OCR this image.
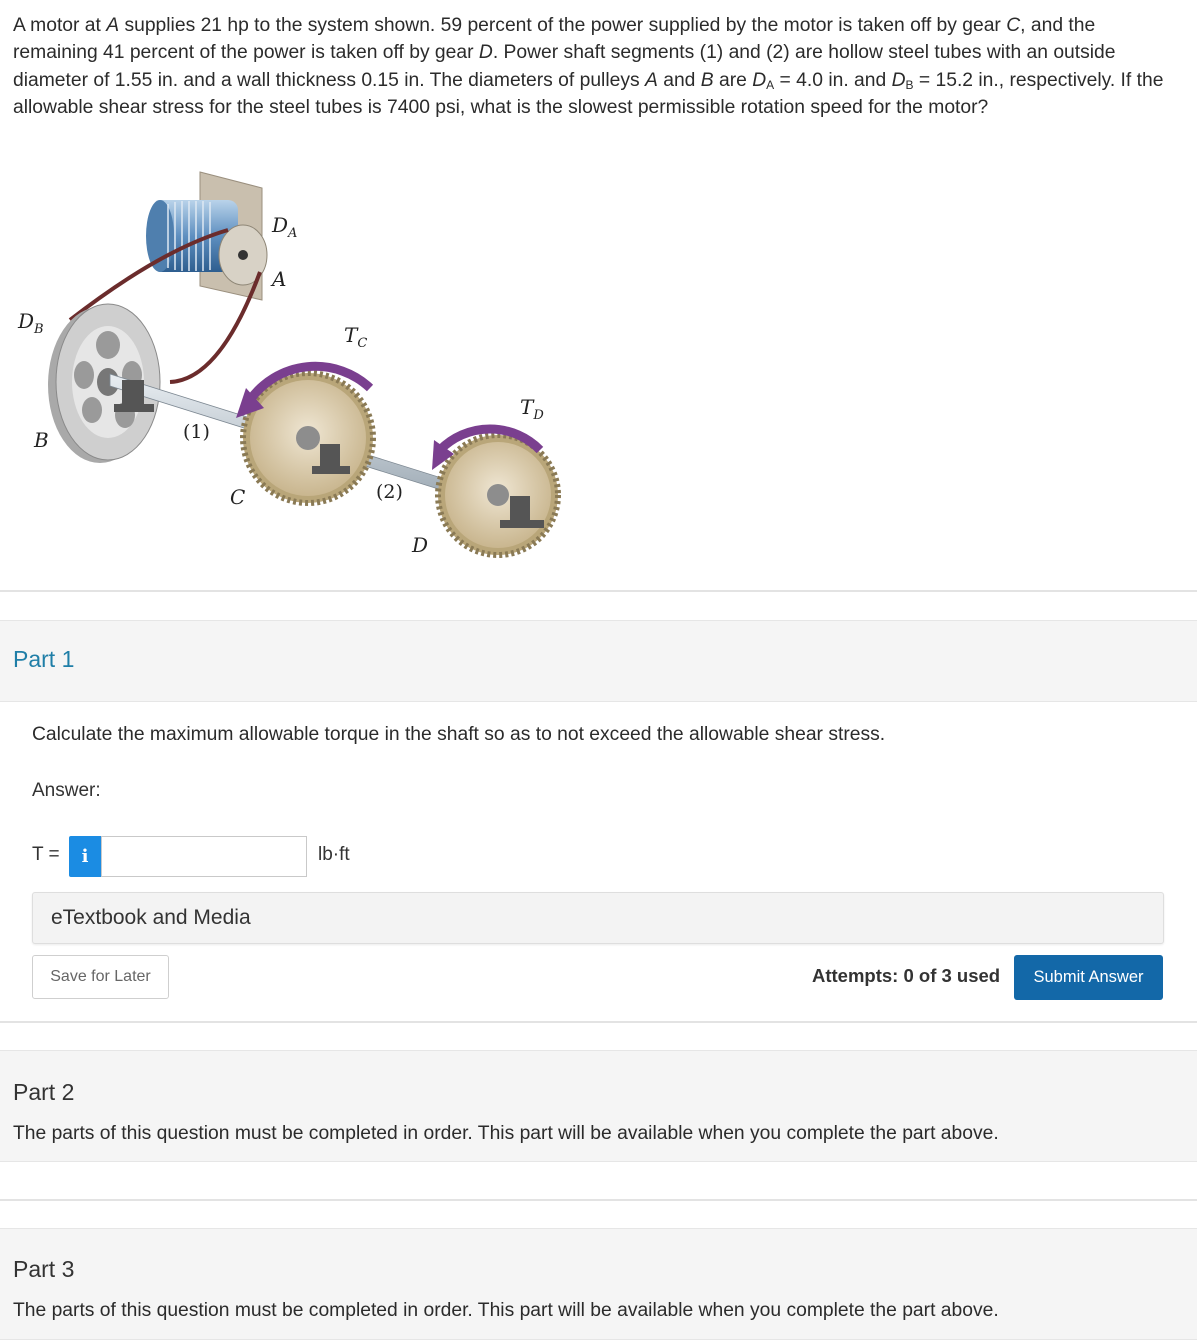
A motor at A supplies 21 hp to the system shown. 59 percent of the power supplied by the motor is taken off by gear C, and the remaining 41 percent of the power is taken off by gear D. Power shaft segments (1) and (2) are hollow steel tubes with an outside diameter of 1.55 in. and a wall thickness 0.15 in. The diameters of pulleys A and B are $D_A = 4.0$ in. and $D_B = 15.2$ in., respectively. If the allowable shear stress for the steel tubes is 7400 psi, what is the slowest permissible rotation speed for the motor?
$D_A$
A
$D_B$
B
$T_C$
$T_D$
C
D
(1)
(2)
Part 1
Calculate the maximum allowable torque in the shaft so as to not exceed the allowable shear stress.
Answer:
T =	i	lb·ft
eTextbook and Media
Save for Later	Attempts: 0 of 3 used	Submit Answer
Part 2
The parts of this question must be completed in order. This part will be available when you complete the part above.
Part 3
The parts of this question must be completed in order. This part will be available when you complete the part above.
